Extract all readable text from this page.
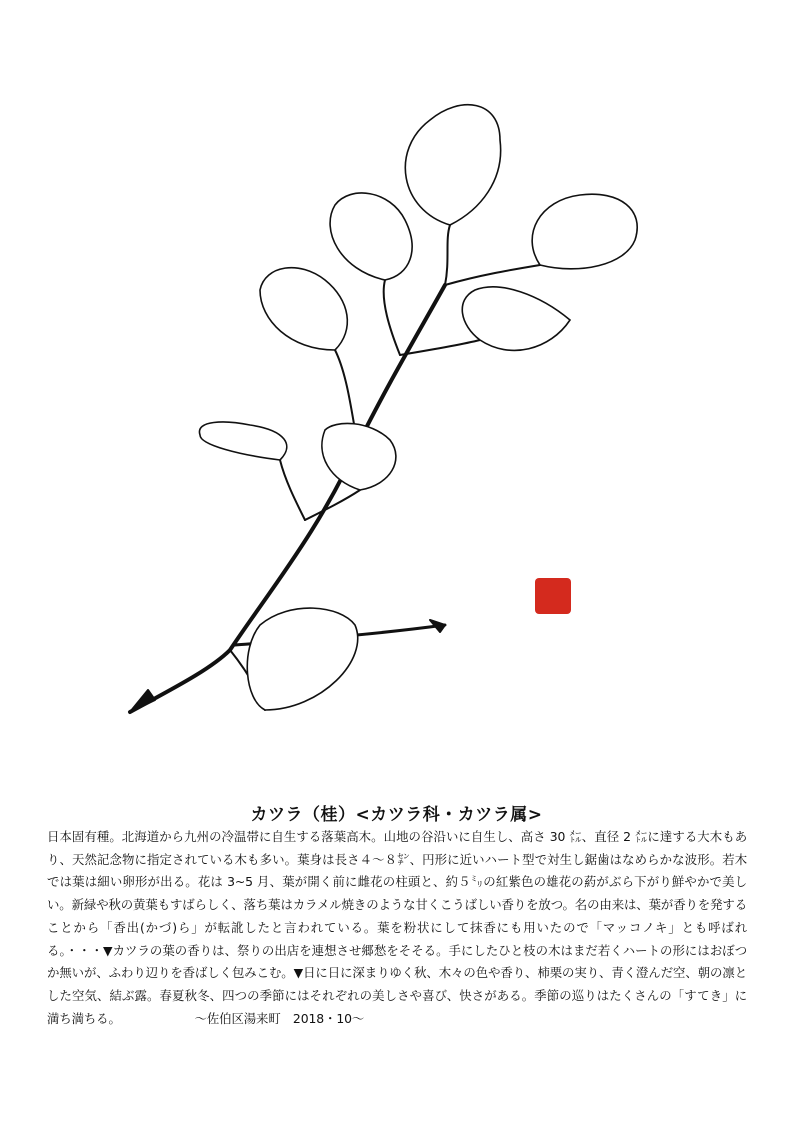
カツラ（桂）<カツラ科・カツラ属>
日本固有種。北海道から九州の冷温帯に自生する落葉高木。山地の谷沿いに自生し、高さ 30 ㍍、直径 2 ㍍に達する大木もあり、天然記念物に指定されている木も多い。葉身は長さ４～８㌢、円形に近いハート型で対生し鋸歯はなめらかな波形。若木では葉は細い卵形が出る。花は 3~5 月、葉が開く前に雌花の柱頭と、約５㍉の紅紫色の雄花の葯がぶら下がり鮮やかで美しい。新緑や秋の黄葉もすばらしく、落ち葉はカラメル焼きのような甘くこうばしい香りを放つ。名の由来は、葉が香りを発することから「香出(かづ)ら」が転訛したと言われている。葉を粉状にして抹香にも用いたので「マッコノキ」とも呼ばれる。・・・▼カツラの葉の香りは、祭りの出店を連想させ郷愁をそそる。手にしたひと枝の木はまだ若くハートの形にはおぼつか無いが、ふわり辺りを香ばしく包みこむ。▼日に日に深まりゆく秋、木々の色や香り、柿栗の実り、青く澄んだ空、朝の凛とした空気、結ぶ露。春夏秋冬、四つの季節にはそれぞれの美しさや喜び、快さがある。季節の巡りはたくさんの「すてき」に満ち満ちる。	～佐伯区湯来町　2018・10～
